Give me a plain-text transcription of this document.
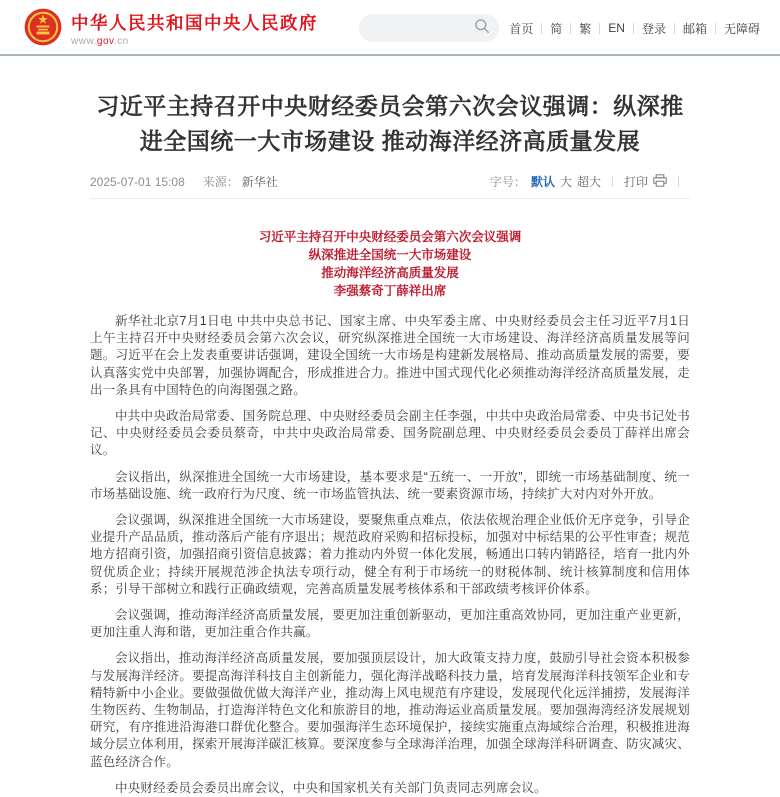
中华人民共和国中央人民政府
www.gov.cn
首页 简 繁 EN 登录 邮箱 无障碍
习近平主持召开中央财经委员会第六次会议强调：纵深推进全国统一大市场建设 推动海洋经济高质量发展
2025-07-01 15:08 来源： 新华社	字号： 默认 大 超大 打印
习近平主持召开中央财经委员会第六次会议强调
纵深推进全国统一大市场建设
推动海洋经济高质量发展
李强蔡奇丁薛祥出席

新华社北京7月1日电 中共中央总书记、国家主席、中央军委主席、中央财经委员会主任习近平7月1日上午主持召开中央财经委员会第六次会议，研究纵深推进全国统一大市场建设、海洋经济高质量发展等问题。习近平在会上发表重要讲话强调，建设全国统一大市场是构建新发展格局、推动高质量发展的需要，要认真落实党中央部署，加强协调配合，形成推进合力。推进中国式现代化必须推动海洋经济高质量发展，走出一条具有中国特色的向海图强之路。

中共中央政治局常委、国务院总理、中央财经委员会副主任李强，中共中央政治局常委、中央书记处书记、中央财经委员会委员蔡奇，中共中央政治局常委、国务院副总理、中央财经委员会委员丁薛祥出席会议。

会议指出，纵深推进全国统一大市场建设，基本要求是“五统一、一开放”，即统一市场基础制度、统一市场基础设施、统一政府行为尺度、统一市场监管执法、统一要素资源市场，持续扩大对内对外开放。

会议强调，纵深推进全国统一大市场建设，要聚焦重点难点，依法依规治理企业低价无序竞争，引导企业提升产品品质，推动落后产能有序退出；规范政府采购和招标投标，加强对中标结果的公平性审查；规范地方招商引资，加强招商引资信息披露；着力推动内外贸一体化发展，畅通出口转内销路径，培育一批内外贸优质企业；持续开展规范涉企执法专项行动，健全有利于市场统一的财税体制、统计核算制度和信用体系；引导干部树立和践行正确政绩观，完善高质量发展考核体系和干部政绩考核评价体系。

会议强调，推动海洋经济高质量发展，要更加注重创新驱动，更加注重高效协同，更加注重产业更新，更加注重人海和谐，更加注重合作共赢。

会议指出，推动海洋经济高质量发展，要加强顶层设计，加大政策支持力度，鼓励引导社会资本积极参与发展海洋经济。要提高海洋科技自主创新能力，强化海洋战略科技力量，培育发展海洋科技领军企业和专精特新中小企业。要做强做优做大海洋产业，推动海上风电规范有序建设，发展现代化远洋捕捞，发展海洋生物医药、生物制品，打造海洋特色文化和旅游目的地，推动海运业高质量发展。要加强海湾经济发展规划研究，有序推进沿海港口群优化整合。要加强海洋生态环境保护，接续实施重点海域综合治理，积极推进海域分层立体利用，探索开展海洋碳汇核算。要深度参与全球海洋治理，加强全球海洋科研调查、防灾减灾、蓝色经济合作。

中央财经委员会委员出席会议，中央和国家机关有关部门负责同志列席会议。
